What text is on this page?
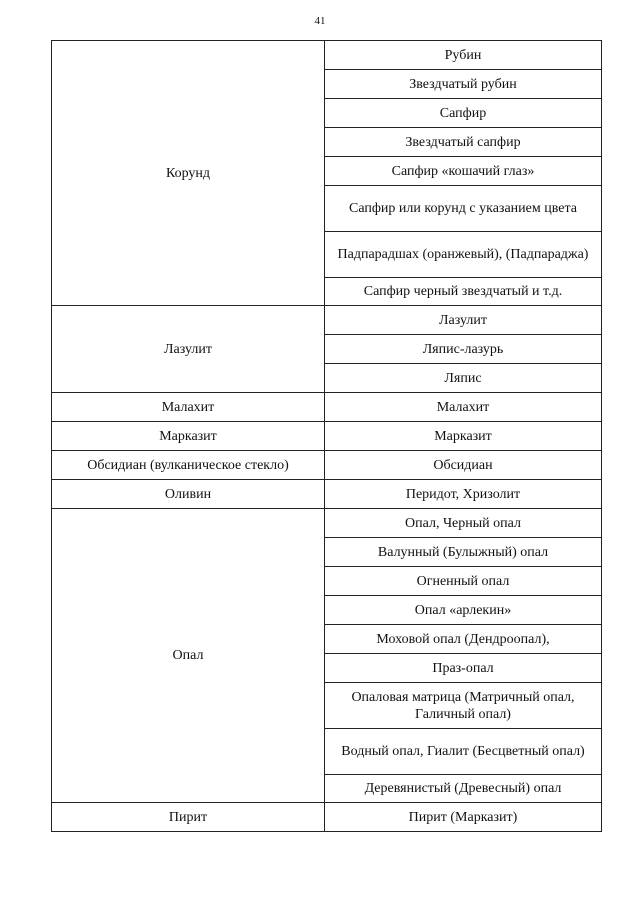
41
Корунд	Рубин
	Звездчатый рубин
	Сапфир
	Звездчатый сапфир
	Сапфир «кошачий глаз»
	Сапфир или корунд с указанием цвета
	Падпарадшах (оранжевый), (Падпараджа)
	Сапфир черный звездчатый и т.д.
Лазулит	Лазулит
	Ляпис-лазурь
	Ляпис
Малахит	Малахит
Марказит	Марказит
Обсидиан (вулканическое стекло)	Обсидиан
Оливин	Перидот, Хризолит
Опал	Опал, Черный опал
	Валунный (Булыжный) опал
	Огненный опал
	Опал «арлекин»
	Моховой опал (Дендроопал),
	Праз-опал
	Опаловая матрица (Матричный опал, Галичный опал)
	Водный опал, Гиалит (Бесцветный опал)
	Деревянистый (Древесный) опал
Пирит	Пирит (Марказит)
